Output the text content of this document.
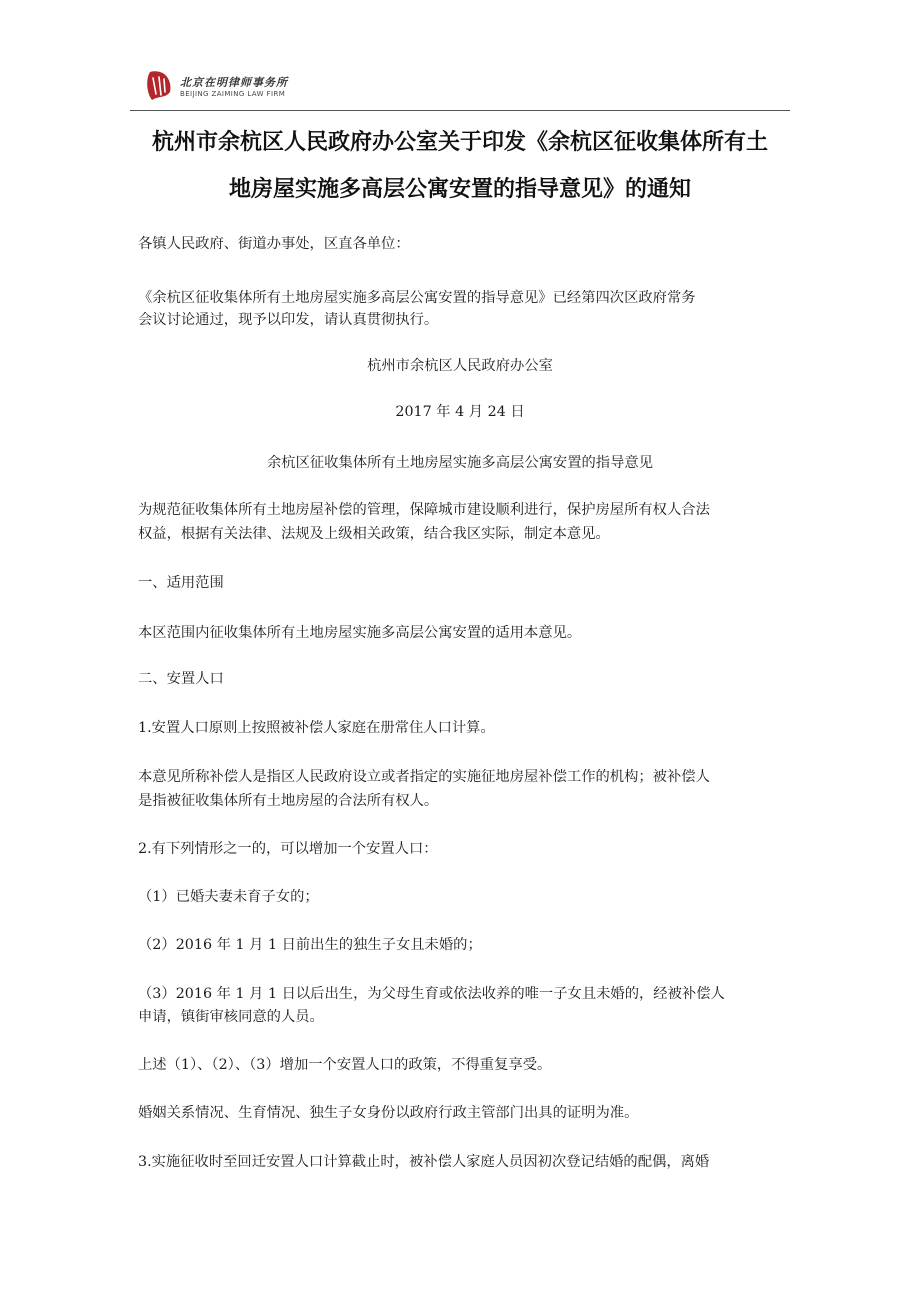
北京在明律师事务所
BEIJING ZAIMING LAW FIRM
杭州市余杭区人民政府办公室关于印发《余杭区征收集体所有土
地房屋实施多高层公寓安置的指导意见》的通知
各镇人民政府、街道办事处，区直各单位：
《余杭区征收集体所有土地房屋实施多高层公寓安置的指导意见》已经第四次区政府常务
会议讨论通过，现予以印发，请认真贯彻执行。
杭州市余杭区人民政府办公室
2017 年 4 月 24 日
余杭区征收集体所有土地房屋实施多高层公寓安置的指导意见
为规范征收集体所有土地房屋补偿的管理，保障城市建设顺利进行，保护房屋所有权人合法
权益，根据有关法律、法规及上级相关政策，结合我区实际，制定本意见。
一、适用范围
本区范围内征收集体所有土地房屋实施多高层公寓安置的适用本意见。
二、安置人口
1.安置人口原则上按照被补偿人家庭在册常住人口计算。
本意见所称补偿人是指区人民政府设立或者指定的实施征地房屋补偿工作的机构；被补偿人
是指被征收集体所有土地房屋的合法所有权人。
2.有下列情形之一的，可以增加一个安置人口：
（1）已婚夫妻未育子女的；
（2）2016 年 1 月 1 日前出生的独生子女且未婚的；
（3）2016 年 1 月 1 日以后出生，为父母生育或依法收养的唯一子女且未婚的，经被补偿人
申请，镇街审核同意的人员。
上述（1）、（2）、（3）增加一个安置人口的政策，不得重复享受。
婚姻关系情况、生育情况、独生子女身份以政府行政主管部门出具的证明为准。
3.实施征收时至回迁安置人口计算截止时，被补偿人家庭人员因初次登记结婚的配偶，离婚
